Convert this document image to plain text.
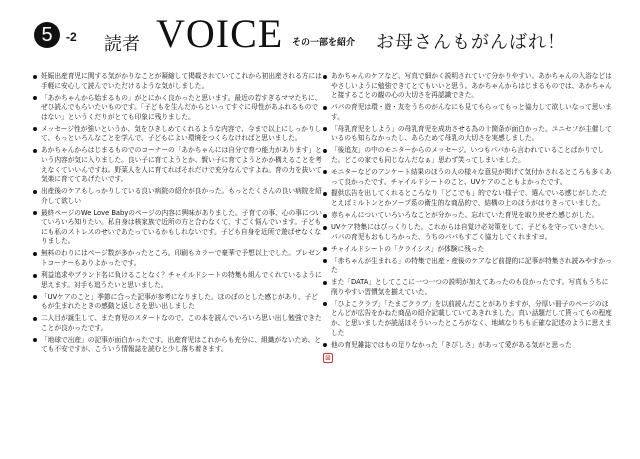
5	-2 読者 VOICE その一部を紹介 お母さんもがんばれ！
妊娠出産育児に関する気がかりなことが凝縮して掲載されていてこれから初出産される方には手軽に安心して読んでいただけるような気がしました。
「あかちゃんから始まるもの」がとにかく良かったと思います。最近の若すぎるママたちに、ぜひ読んでもらいたいものです。「子どもを生んだからといってすぐに母性があふれるものではない」というくだりがとても印象に残りました。
メッセージ性が強いというか、気をひきしめてくれるような内容で、今まで以上にしっかりして、もっといろんなことを学んで、子どもによい環境をつくらなければと思いました。
あかちゃんからはじまるものでのコーナーの「あかちゃんには自分で育つ能力があります」という内容が気に入りました。良い子に育てようとか、賢い子に育てようとかか構えることを考えなくていいんですね。野菜人を人に育てればそれだけで充分なんですよね。育の力を抜いて気楽に育ててあげたいです。
出産後のケアもしっかりしている良い病院の紹介が良かった。もっとたくさんの良い病院を紹介して欲しい
最終ページのWe Love Babyのページの内容に興味がありました。子育ての事、心の事についていろいろ知りたい。私自身は核家族で近所の方と合わなくて、すごく悩んでいます。子どもにも私のストレスのせいであたっているかもしれないです。子ども自身を近所で遊ばせなくなりました。
無料のわりにはページ数が多かったところ。印刷もカラーで豪華で予想以上でした。プレゼントコーナーもありよかったです。
利益追求やブランド名に負けることなく？チャイルドシートの特集も組んでくれているように思えます。対手も追うたいと思いました。
「UVケアのこと」季節に合った記事が参考になりました。ほのぼのとした感じがあり、子どもが生まれたときの感動と返しさを思い出しました
二人目が誕生して、また育児のスタートなので、この本を読んでいろいろ思い出し勉強できたことが良かったです。
「地球で出産」の記事が面白かったです。出産育児はこれからも充分に、組織がないため、とても不安ですが、こういう情報誌を読むと少し落ち着きます。
あかちゃんのケアなど、写真で細かく説明されていて分かりやすい。あかちゃんの入浴などはやさしいように勉強できてとてもいいと思う。あかちゃんからはじまるものでは、あかちゃんと接することの観の心の大切さを再認識できた。
パパの育児は環・遊・友をうちのがんなにも見てもらってもっと協力して欲しいなって思います。
「母乳育児をしよう」の母乳育児を成功させる為の十箇条が面白かった。ユニセフが主催しているのも知らなかったし、あらためて母乳の大切さを実感しました。
「後追友」の中のモニターからのメッセージ。いつもパパから言われていることばかりでした。どこの家でも同じなんだなぁ」思わず笑ってしまいました。
モニターなどのアンケート結果のほうの人の様々な意見が掲げて気付かされるところも多くあって良かったです。チャイルドシートのこと、UVケアのこともよかったです。
握供広告を出してくれるところなり「どこでも」的でない様子で、選んでいる感じがした.たとえばミルトンとかソープ系の衛生的な商品的で、結構の上のほうがはりきっていました。
赤ちゃんについていろいろなことが分かった。忘れていた育児を取り戻せた感じがした。
UVケア特集にはびっくりした。これからは自覚け必対策をして、子どもを守っていきたい。パパの育児もおもしろかった、うちのパパもすごく協力してくれますヨ。
チャイルドシートの「クライシス」が体験に残った
「赤ちゃんが生まれる」の特集で出産・産後のケアなど前提的に記事が特集され読みやすかった
また「DATA」としてここに一つ一つの説明が加えてあったのも良かったです。写真もうちに削りやすい習慣気を揃えていた。
「ひよこクラブ」「たまごクラブ」を以前読んだことがありますが、分厚い冊子のページのほとんどが広告をかねた商品の紹介記載していてあきれました。真い話題だして貰ってもの程度か、と思いましたが読話ほそういったところがなく、地域なりちも正確な記述のように思えました
他の育児雑誌ではもの足りなかった「きびしさ」があって愛がある気がと思った
⊠
